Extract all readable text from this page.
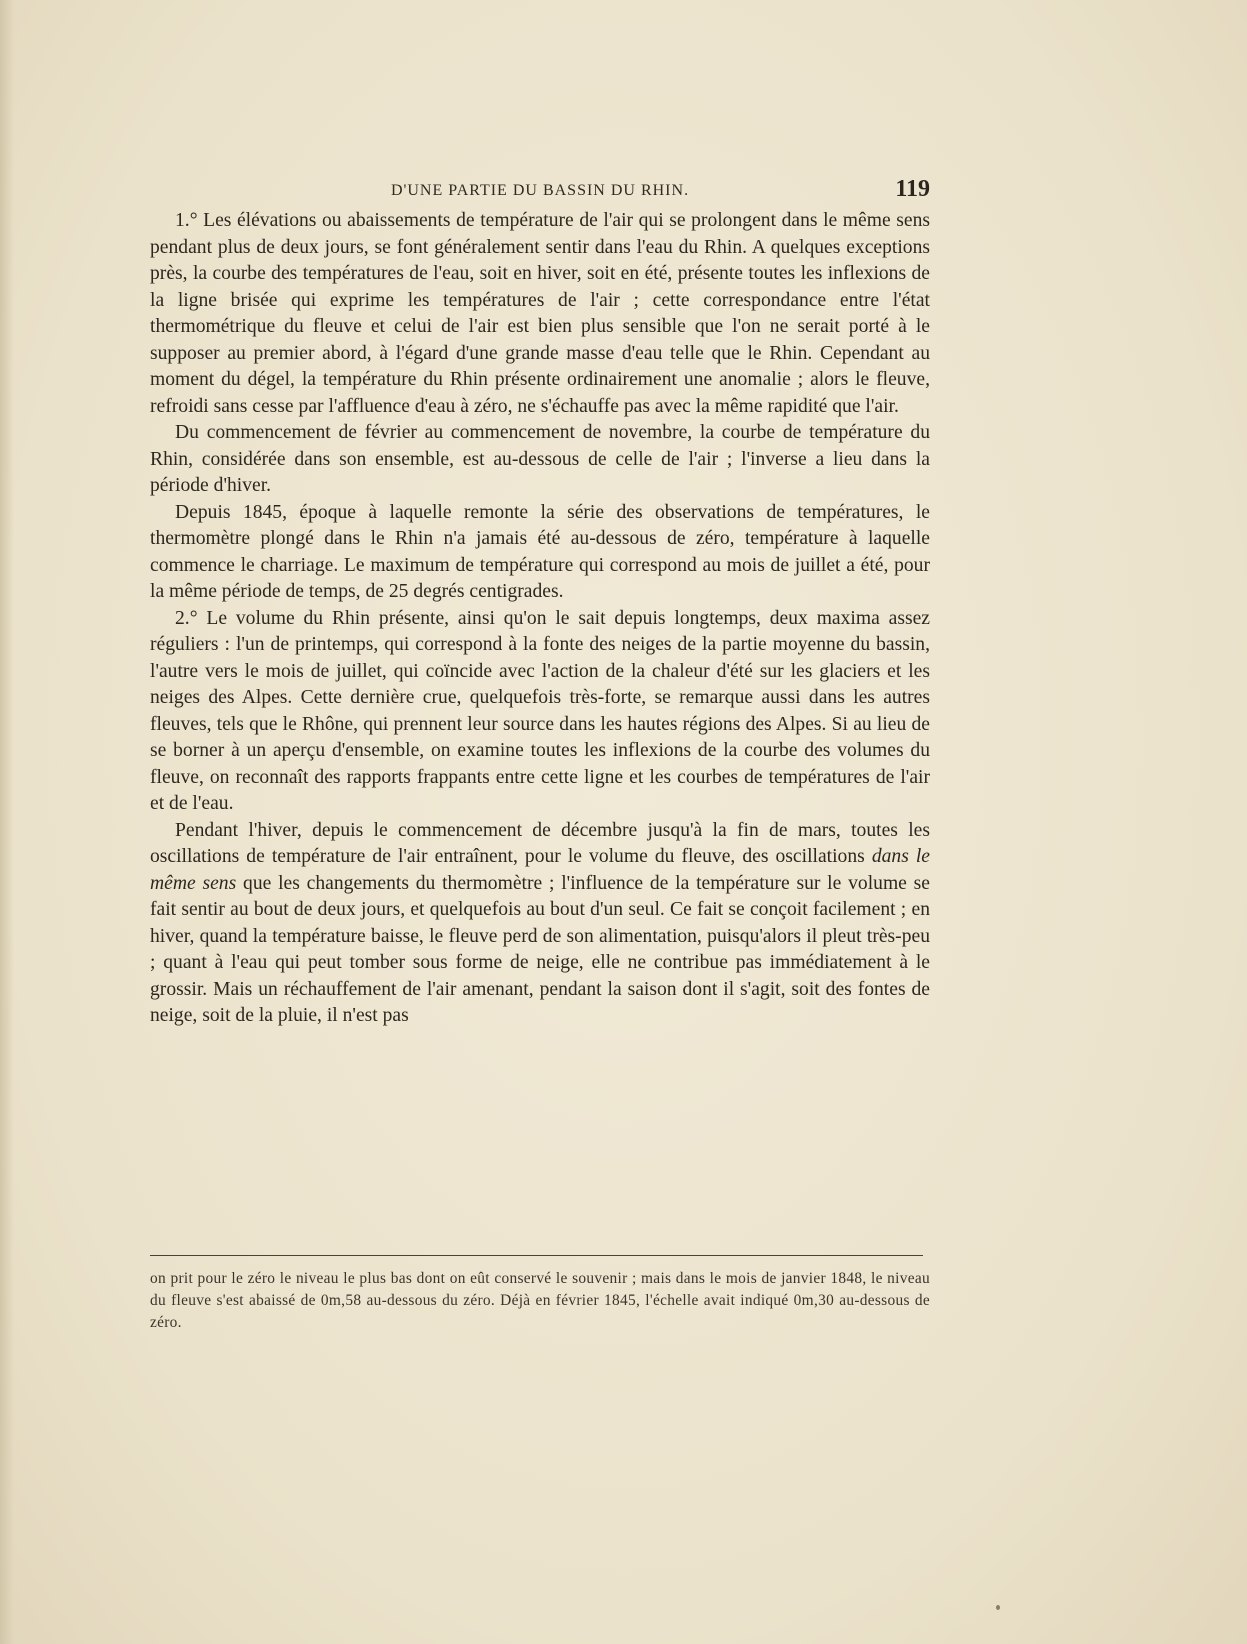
D'UNE PARTIE DU BASSIN DU RHIN.	119

1.° Les élévations ou abaissements de température de l'air qui se prolongent dans le même sens pendant plus de deux jours, se font généralement sentir dans l'eau du Rhin. A quelques exceptions près, la courbe des températures de l'eau, soit en hiver, soit en été, présente toutes les inflexions de la ligne brisée qui exprime les températures de l'air ; cette correspondance entre l'état thermométrique du fleuve et celui de l'air est bien plus sensible que l'on ne serait porté à le supposer au premier abord, à l'égard d'une grande masse d'eau telle que le Rhin. Cependant au moment du dégel, la température du Rhin présente ordinairement une anomalie ; alors le fleuve, refroidi sans cesse par l'affluence d'eau à zéro, ne s'échauffe pas avec la même rapidité que l'air.

Du commencement de février au commencement de novembre, la courbe de température du Rhin, considérée dans son ensemble, est au-dessous de celle de l'air ; l'inverse a lieu dans la période d'hiver.

Depuis 1845, époque à laquelle remonte la série des observations de températures, le thermomètre plongé dans le Rhin n'a jamais été au-dessous de zéro, température à laquelle commence le charriage. Le maximum de température qui correspond au mois de juillet a été, pour la même période de temps, de 25 degrés centigrades.

2.° Le volume du Rhin présente, ainsi qu'on le sait depuis longtemps, deux maxima assez réguliers : l'un de printemps, qui correspond à la fonte des neiges de la partie moyenne du bassin, l'autre vers le mois de juillet, qui coïncide avec l'action de la chaleur d'été sur les glaciers et les neiges des Alpes. Cette dernière crue, quelquefois très-forte, se remarque aussi dans les autres fleuves, tels que le Rhône, qui prennent leur source dans les hautes régions des Alpes. Si au lieu de se borner à un aperçu d'ensemble, on examine toutes les inflexions de la courbe des volumes du fleuve, on reconnaît des rapports frappants entre cette ligne et les courbes de températures de l'air et de l'eau.

Pendant l'hiver, depuis le commencement de décembre jusqu'à la fin de mars, toutes les oscillations de température de l'air entraînent, pour le volume du fleuve, des oscillations dans le même sens que les changements du thermomètre ; l'influence de la température sur le volume se fait sentir au bout de deux jours, et quelquefois au bout d'un seul. Ce fait se conçoit facilement ; en hiver, quand la température baisse, le fleuve perd de son alimentation, puisqu'alors il pleut très-peu ; quant à l'eau qui peut tomber sous forme de neige, elle ne contribue pas immédiatement à le grossir. Mais un réchauffement de l'air amenant, pendant la saison dont il s'agit, soit des fontes de neige, soit de la pluie, il n'est pas

on prit pour le zéro le niveau le plus bas dont on eût conservé le souvenir ; mais dans le mois de janvier 1848, le niveau du fleuve s'est abaissé de 0m,58 au-dessous du zéro. Déjà en février 1845, l'échelle avait indiqué 0m,30 au-dessous de zéro.
